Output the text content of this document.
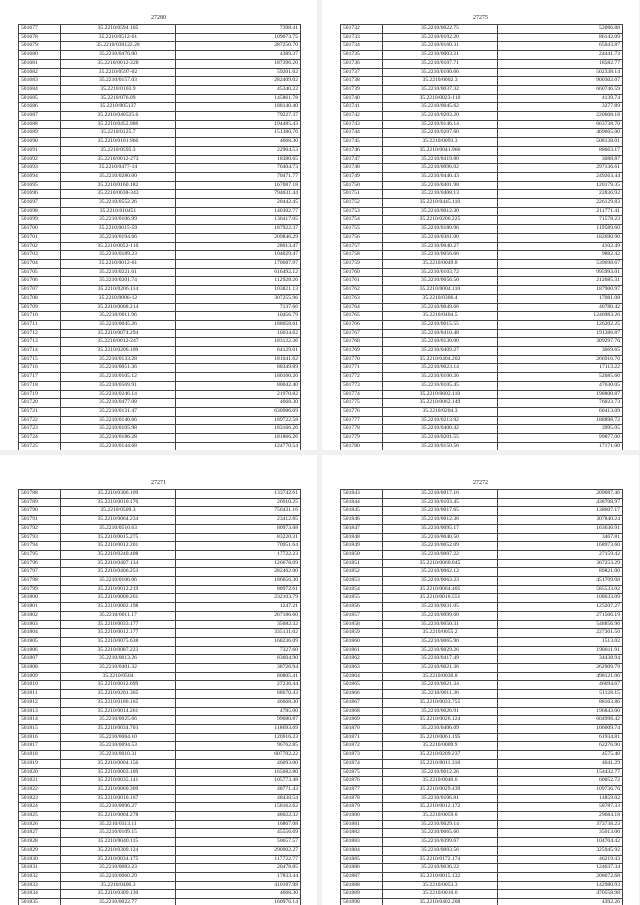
27280
501677	35.2210/0594 105	7398.41
501678	35.2210/0512-01	109073.75
501679	35.2210/030122.28	287250.70
501680	35.2210/0476.00	4389.37
501681	35.2210/0012-228	187396.20
501682	35.2210/0597-02	59201.62
501683	35.2210/0157.03	282409.02
501684	35.2210/0103.9	45340.22
501685	35.2210/076.09	145861.78
501686	35.2210/005137	188140.40
501687	35.2210/040525.6	79227.37
501688	35.2210/0452.986	194485.43
501689	35.2210/0125.7	151380.76
501690	35.2210/0101.966	4668.30
501691	35.2210/0595.3	22904.53
501692	35.2210/0012-273	18380.65
501693	35.2210/0477-14	76404.73
501694	35.2210/0280.00	70471.77
501695	35.2210/0160.182	167087.18
501696	35.2210/0038-343	794031.44
501697	35.2210/0552.26	20442.45
501698	35.2210/010451	140302.77
501699	35.2210/0106.99	136417.05
501700	35.2210/0015-59	187922.37
501701	35.2210/0194.66	209846.29
501702	35.2210/0052-110	28013.47
501703	35.2210/0189.23	104029.47
501704	35.2210/0012-61	170687.97
501705	35.2210/0221.61	616492.12
501706	35.2210/0201.74	112928.26
501707	35.2210/0206.114	103821.13
501708	35.2210/0006-12	307255.96
501709	35.2210/0008.214	7137.66
501710	35.2210/0011.96	10456.79
501711	35.2210/0045.26	188058.61
501712	35.2210/0074.294	16034.62
501713	35.2210/0012-247	183122.36
501714	35.2210/0206.109	64129.01
501715	35.2210/0133.28	181041.62
501716	35.2210/0051.36	88349.89
501717	35.2210/0105.12	180160.26
501718	35.2210/0569.91	80042.40
501719	35.2210/0246.14	21970.82
501720	35.2210/0477.08	4668.30
501721	35.2210/0131.47	630986.69
501722	35.2210/0140.66	189722.58
501723	35.2210/0105.98	183166.26
501724	35.2210/0186.28	181866.26
501725	35.2210/0144.68	124770.54

27275
501732	35.2210/0022.75	52086.88
501733	35.2210/0102.20	86142.09
501734	35.2210/0160.31	65043.87
501735	35.2210/0003.21	24441.73
501736	35.2210/0107.71	18582.77
501737	35.2210/0100.66	502338.14
501738	35.2210/0002.3	900302.07
501739	35.2210/0037.32	660746.59
501740	35.2210/0023-110	4139.74
501741	35.2210/0045.62	3277.89
501742	35.2210/0203.20	220608.18
501743	35.2210/0146.14	663738.70
501744	35.2210/0207.60	469665.00
501745	35.2210/0093.3	508138.01
501746	35.2210/0041.966	88663.17
501747	35.2210/0419.80	3088.87
501748	35.2210/0096.02	297136.61
501749	35.2210/0440.43	249263.44
501750	35.2210/0401.98	120179.35
501751	35.2210/0408.13	22836.92
501752	35.2210/0445.110	226129.83
501753	35.2210/0012.30	211771.41
501754	35.2210/0206.225	71578.23
501755	35.2210/0180.96	119589.60
501756	35.2210/0361.00	182690.90
501757	35.2210/0040.27	4102.49
501758	35.2210/0056.66	9882.42
501759	35.2210/0049.8	539698.67
501760	35.2210/0103.72	995993.01
501761	35.2210/0056.50	212685.31
501762	35.2210/0004.110	187900.97
501763	35.2210/0306.4	17081.08
501764	35.2210/0049.66	40780.42
501765	35.2210/0404.5	1246983.26
501766	35.2210/0015.55	126202.25
501767	35.2210/0410.48	191386.87
501768	35.2210/0130.00	309297.76
501769	35.2210/0409.27	3669.65
501770	35.2210/0404.202	266916.70
501771	35.2210/0023.14	17113.22
501772	35.2210/0100.26	52685.60
501773	35.2210/0105.45	47630.05
501774	35.2210/0602.110	198800.87
501775	35.2210/0062.149	76023.73
501776	35.2210/0204.3	60413.09
501777	35.2210/0213.92	188898.72
501778	35.2210/0400.42	3995.05
501779	35.2210/0201.55	99877.00
501780	35.2210/0150.56	17171.00

27271
501788	35.2210/0306.109	133742.61
501789	35.2210/0010.170	26910.25
501790	35.2210/0509.3	756431.16
501791	35.2210/0064.234	23412.85
501792	35.2210/0510.63	80973.68
501793	35.2210/0015.275	83220.31
501794	35.2210/0012.201	70951.64
501795	35.2210/0240.408	17722.23
501796	35.2210/0407.134	126678.09
501797	35.2210/0406.253	282462.00
501798	35.2210/0106.06	186656.30
501799	35.2210/0012.219	88972.61
501800	35.2210/0000.261	232103.79
501801	35.2210/0002.198	1247.21
501802	35.2210/0011.17	267186.60
501803	35.2210/0033.177	35682.32
501804	35.2210/0012.177	335131.02
501805	35.2210/0075.638	168236.09
501806	35.2210/0087.223	7327.60
501807	35.2210/0013.26	83604.90
501808	35.2210/0401.32	38726.94
501809	35.2210/0504	80805.41
501810	35.2210/0012.699	27236.44
501811	35.2210/0201.365	68670.43
501812	35.2210/0180.165	46668.30
501813	35.2210/0014.261	4785.00
501814	35.2210/0025.66	99680.87
501815	35.2210/0034.703	118693.69
501816	35.2210/0084.10	126916.23
501817	35.2210/0094.53	96762.85
501818	35.2210/0010.31	607702.22
501819	35.2210/0004.156	46093.00
501820	35.2210/0003.109	165682.80
501821	35.2210/0035.141	105773.48
501822	35.2210/0060.309	48771.43
501823	35.2210/0010.167	48438.54
501824	35.2210/0096.27	158162.62
501825	35.2210/0004.278	48022.32
501826	35.2210/0313.11	16867.08
501827	35.2210/0109.15	45556.69
501828	35.2210/0040.115	50657.57
501829	35.2210/0309.124	290902.27
501830	35.2210/0034.175	117722.77
501831	35.2210/0083.23	20478.85
501832	35.2210/0060.29	17833.44
501833	35.2210/0406.3	410187.98
501834	35.2210/0309.130	4668.30
501835	35.2210/0022.77	160976.14

27272
501843	35.2210/0017.16	209087.46
501844	35.2210/0103.45	438708.97
501845	35.2210/0017.65	138607.17
501846	35.2210/0012.36	307840.24
501847	35.2210/0095.17	163636.91
501848	35.2210/0040.50	3467.81
501849	35.2210/0052.09	168973.60
501850	35.2210/0007.22	27159.42
501851	35.2210/0060.045	367253.29
501852	35.2210/0062.12	89821.00
501853	35.2210/0063.23	451709.08
501854	35.2210/0064.405	585533.02
501855	35.2210/0010.551	108633.09
501856	35.2210/0031.05	125207.27
501857	35.2210/0099.60	271506.19
501858	35.2210/0050.31	548856.96
501859	35.2210/0055.2	227301.50
501860	35.2210/0065.90	1513.02
501861	35.2210/0029.26	198811.91
501862	35.2210/0417.49	34438.94
501863	35.2210/0021.36	262909.79
501864	35.2210/0030.8	498121.06
501865	35.2210/0021.34	46694.67
501866	35.2210/0011.36	51128.15
501867	35.2210/0033.755	88163.86
501868	35.2210/0026.91	196843.00
501869	35.2210/0026.124	604998.42
501870	35.2210/0406.09	106009.74
501871	35.2210/0061.195	61934.81
501872	35.2210/0009.9	62276.90
501873	35.2210/0209.237	4575.40
501874	35.2210/0011.318	4041.29
501875	35.2210/0012.26	154432.77
501876	35.2210/0040.6	60052.72
501877	35.2210/0029.439	109736.76
501878	35.2210/0106.81	14859.02
501879	35.2210/0012.172	58787.33
501880	35.2210/0059.0	29684.18
501881	35.2210/0029.14	373738.23
501882	35.2210/0065.66	35013.00
501883	35.2210/0399.67	104704.42
501884	35.2210/0003.56	325945.92
501885	35.2210/0172.174	46219.43
501886	35.2210/0036.22	124637.34
501887	35.2210/0015.132	208072.68
501888	35.2210/0053.3	142980.93
501889	35.2210/0010.6	470558.98
501890	35.2210/0402.208	4392.26
